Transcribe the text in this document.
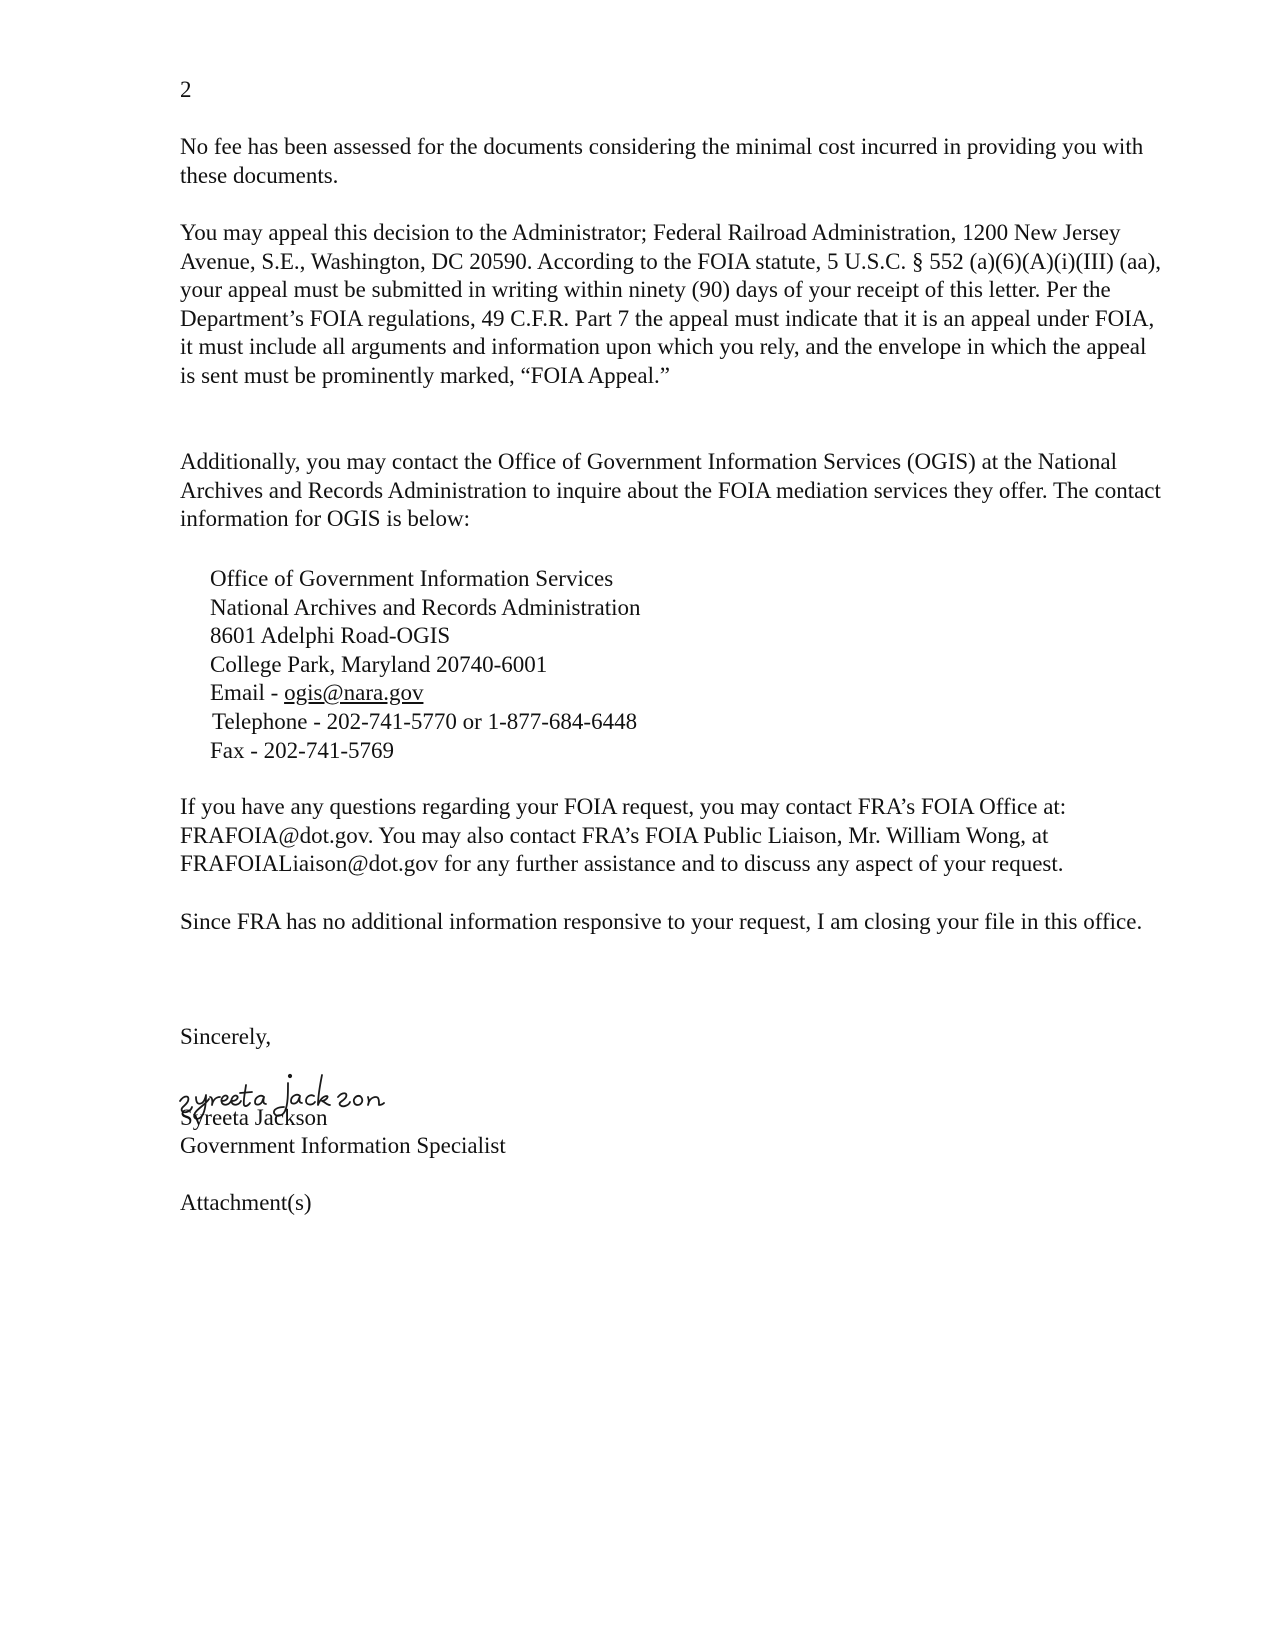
2

No fee has been assessed for the documents considering the minimal cost incurred in providing you with these documents.

You may appeal this decision to the Administrator; Federal Railroad Administration, 1200 New Jersey Avenue, S.E., Washington, DC 20590. According to the FOIA statute, 5 U.S.C. § 552 (a)(6)(A)(i)(III) (aa), your appeal must be submitted in writing within ninety (90) days of your receipt of this letter. Per the Department’s FOIA regulations, 49 C.F.R. Part 7 the appeal must indicate that it is an appeal under FOIA, it must include all arguments and information upon which you rely, and the envelope in which the appeal is sent must be prominently marked, “FOIA Appeal.”

Additionally, you may contact the Office of Government Information Services (OGIS) at the National Archives and Records Administration to inquire about the FOIA mediation services they offer. The contact information for OGIS is below:

Office of Government Information Services
National Archives and Records Administration
8601 Adelphi Road-OGIS
College Park, Maryland 20740-6001
Email - ogis@nara.gov
Telephone - 202-741-5770 or 1-877-684-6448
Fax - 202-741-5769

If you have any questions regarding your FOIA request, you may contact FRA’s FOIA Office at: FRAFOIA@dot.gov. You may also contact FRA’s FOIA Public Liaison, Mr. William Wong, at FRAFOIALiaison@dot.gov for any further assistance and to discuss any aspect of your request.

Since FRA has no additional information responsive to your request, I am closing your file in this office.

Sincerely,
Syreeta Jackson
Government Information Specialist
Attachment(s)
